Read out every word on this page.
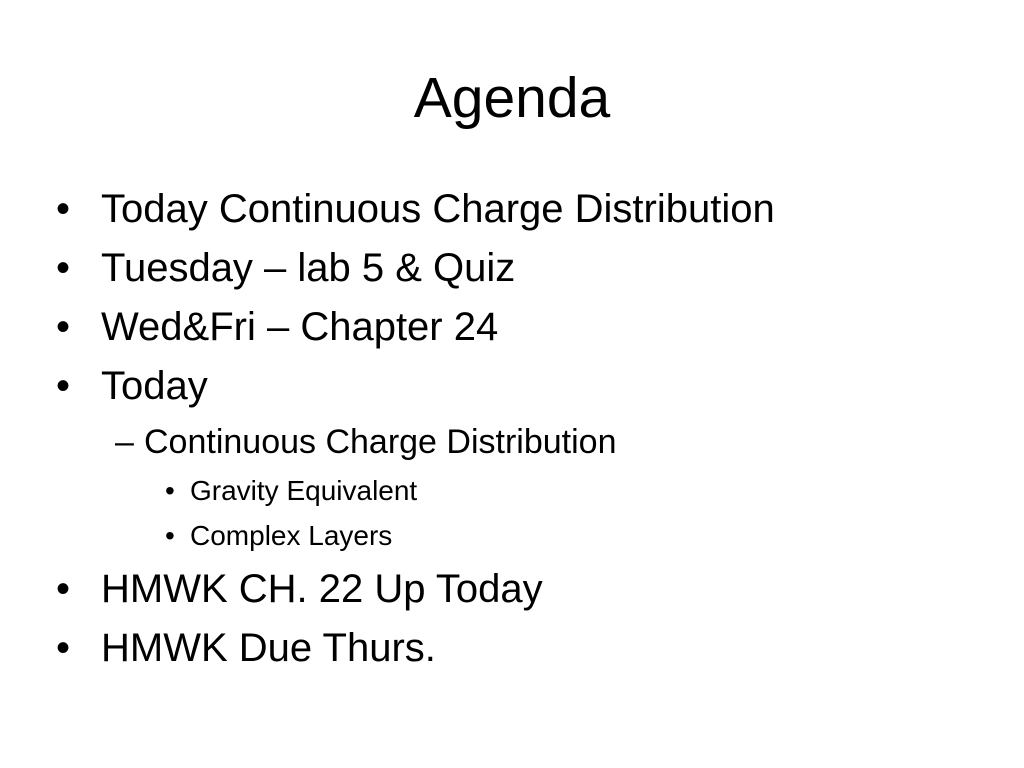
Agenda
• Today Continuous Charge Distribution
• Tuesday – lab 5 & Quiz
• Wed&Fri – Chapter 24
• Today
– Continuous Charge Distribution
• Gravity Equivalent
• Complex Layers
• HMWK CH. 22 Up Today
• HMWK Due Thurs.
